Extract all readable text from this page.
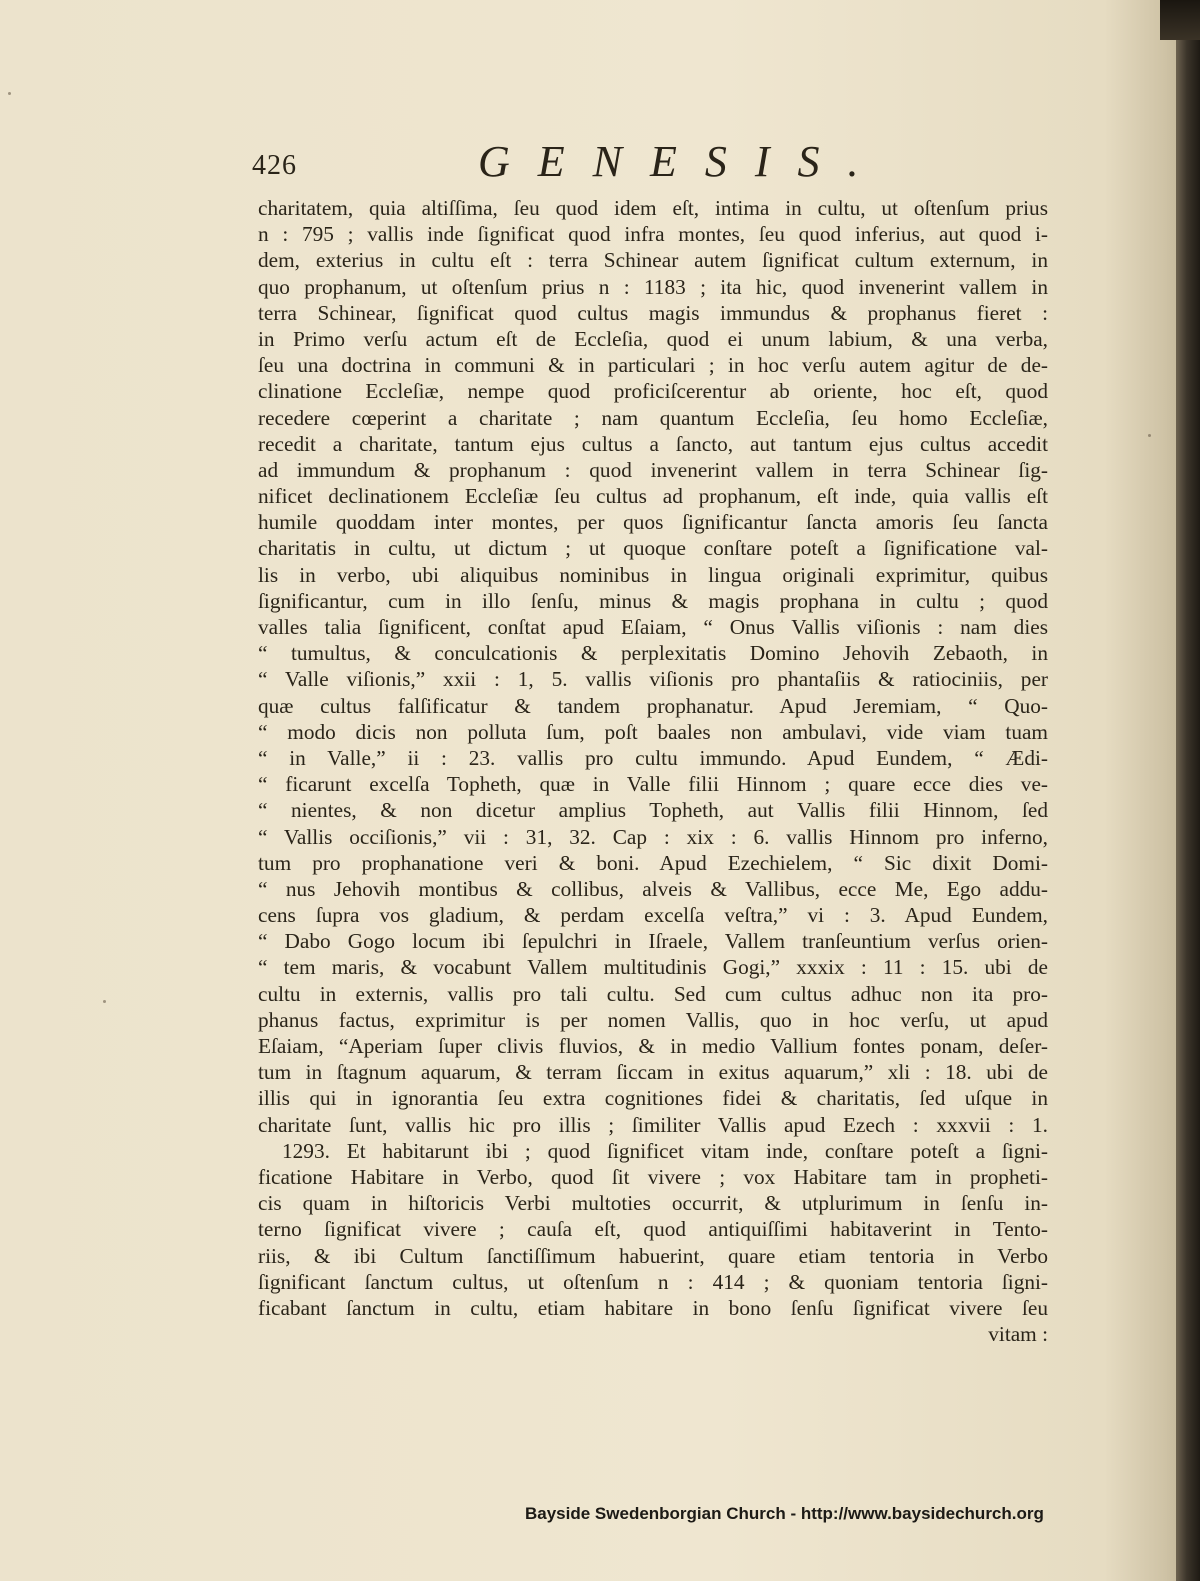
426	GENESIS.
charitatem, quia altiſſima, ſeu quod idem eſt, intima in cultu, ut oſtenſum prius
n : 795 ; vallis inde ſignificat quod infra montes, ſeu quod inferius, aut quod i-
dem, exterius in cultu eſt : terra Schinear autem ſignificat cultum externum, in
quo prophanum, ut oſtenſum prius n : 1183 ; ita hic, quod invenerint vallem in
terra Schinear, ſignificat quod cultus magis immundus & prophanus fieret :
in Primo verſu actum eſt de Eccleſia, quod ei unum labium, & una verba,
ſeu una doctrina in communi & in particulari ; in hoc verſu autem agitur de de-
clinatione Eccleſiæ, nempe quod proficiſcerentur ab oriente, hoc eſt, quod
recedere cœperint a charitate ; nam quantum Eccleſia, ſeu homo Eccleſiæ,
recedit a charitate, tantum ejus cultus a ſancto, aut tantum ejus cultus accedit
ad immundum & prophanum : quod invenerint vallem in terra Schinear ſig-
nificet declinationem Eccleſiæ ſeu cultus ad prophanum, eſt inde, quia vallis eſt
humile quoddam inter montes, per quos ſignificantur ſancta amoris ſeu ſancta
charitatis in cultu, ut dictum ; ut quoque conſtare poteſt a ſignificatione val-
lis in verbo, ubi aliquibus nominibus in lingua originali exprimitur, quibus
ſignificantur, cum in illo ſenſu, minus & magis prophana in cultu ; quod
valles talia ſignificent, conſtat apud Eſaiam, “ Onus Vallis viſionis : nam dies
“ tumultus, & conculcationis & perplexitatis Domino Jehovih Zebaoth, in
“ Valle viſionis,” xxii : 1, 5. vallis viſionis pro phantaſiis & ratiociniis, per
quæ cultus falſificatur & tandem prophanatur. Apud Jeremiam, “ Quo-
“ modo dicis non polluta ſum, poſt baales non ambulavi, vide viam tuam
“ in Valle,” ii : 23. vallis pro cultu immundo. Apud Eundem, “ Ædi-
“ ficarunt excelſa Topheth, quæ in Valle filii Hinnom ; quare ecce dies ve-
“ nientes, & non dicetur amplius Topheth, aut Vallis filii Hinnom, ſed
“ Vallis occiſionis,” vii : 31, 32. Cap : xix : 6. vallis Hinnom pro inferno,
tum pro prophanatione veri & boni. Apud Ezechielem, “ Sic dixit Domi-
“ nus Jehovih montibus & collibus, alveis & Vallibus, ecce Me, Ego addu-
cens ſupra vos gladium, & perdam excelſa veſtra,” vi : 3. Apud Eundem,
“ Dabo Gogo locum ibi ſepulchri in Iſraele, Vallem tranſeuntium verſus orien-
“ tem maris, & vocabunt Vallem multitudinis Gogi,” xxxix : 11 : 15. ubi de
cultu in externis, vallis pro tali cultu. Sed cum cultus adhuc non ita pro-
phanus factus, exprimitur is per nomen Vallis, quo in hoc verſu, ut apud
Eſaiam, “Aperiam ſuper clivis fluvios, & in medio Vallium fontes ponam, deſer-
tum in ſtagnum aquarum, & terram ſiccam in exitus aquarum,” xli : 18. ubi de
illis qui in ignorantia ſeu extra cognitiones fidei & charitatis, ſed uſque in
charitate ſunt, vallis hic pro illis ; ſimiliter Vallis apud Ezech : xxxvii : 1.
1293. Et habitarunt ibi ; quod ſignificet vitam inde, conſtare poteſt a ſigni-
ficatione Habitare in Verbo, quod ſit vivere ; vox Habitare tam in propheti-
cis quam in hiſtoricis Verbi multoties occurrit, & utplurimum in ſenſu in-
terno ſignificat vivere ; cauſa eſt, quod antiquiſſimi habitaverint in Tento-
riis, & ibi Cultum ſanctiſſimum habuerint, quare etiam tentoria in Verbo
ſignificant ſanctum cultus, ut oſtenſum n : 414 ; & quoniam tentoria ſigni-
ficabant ſanctum in cultu, etiam habitare in bono ſenſu ſignificat vivere ſeu
vitam :
Bayside Swedenborgian Church - http://www.baysidechurch.org
